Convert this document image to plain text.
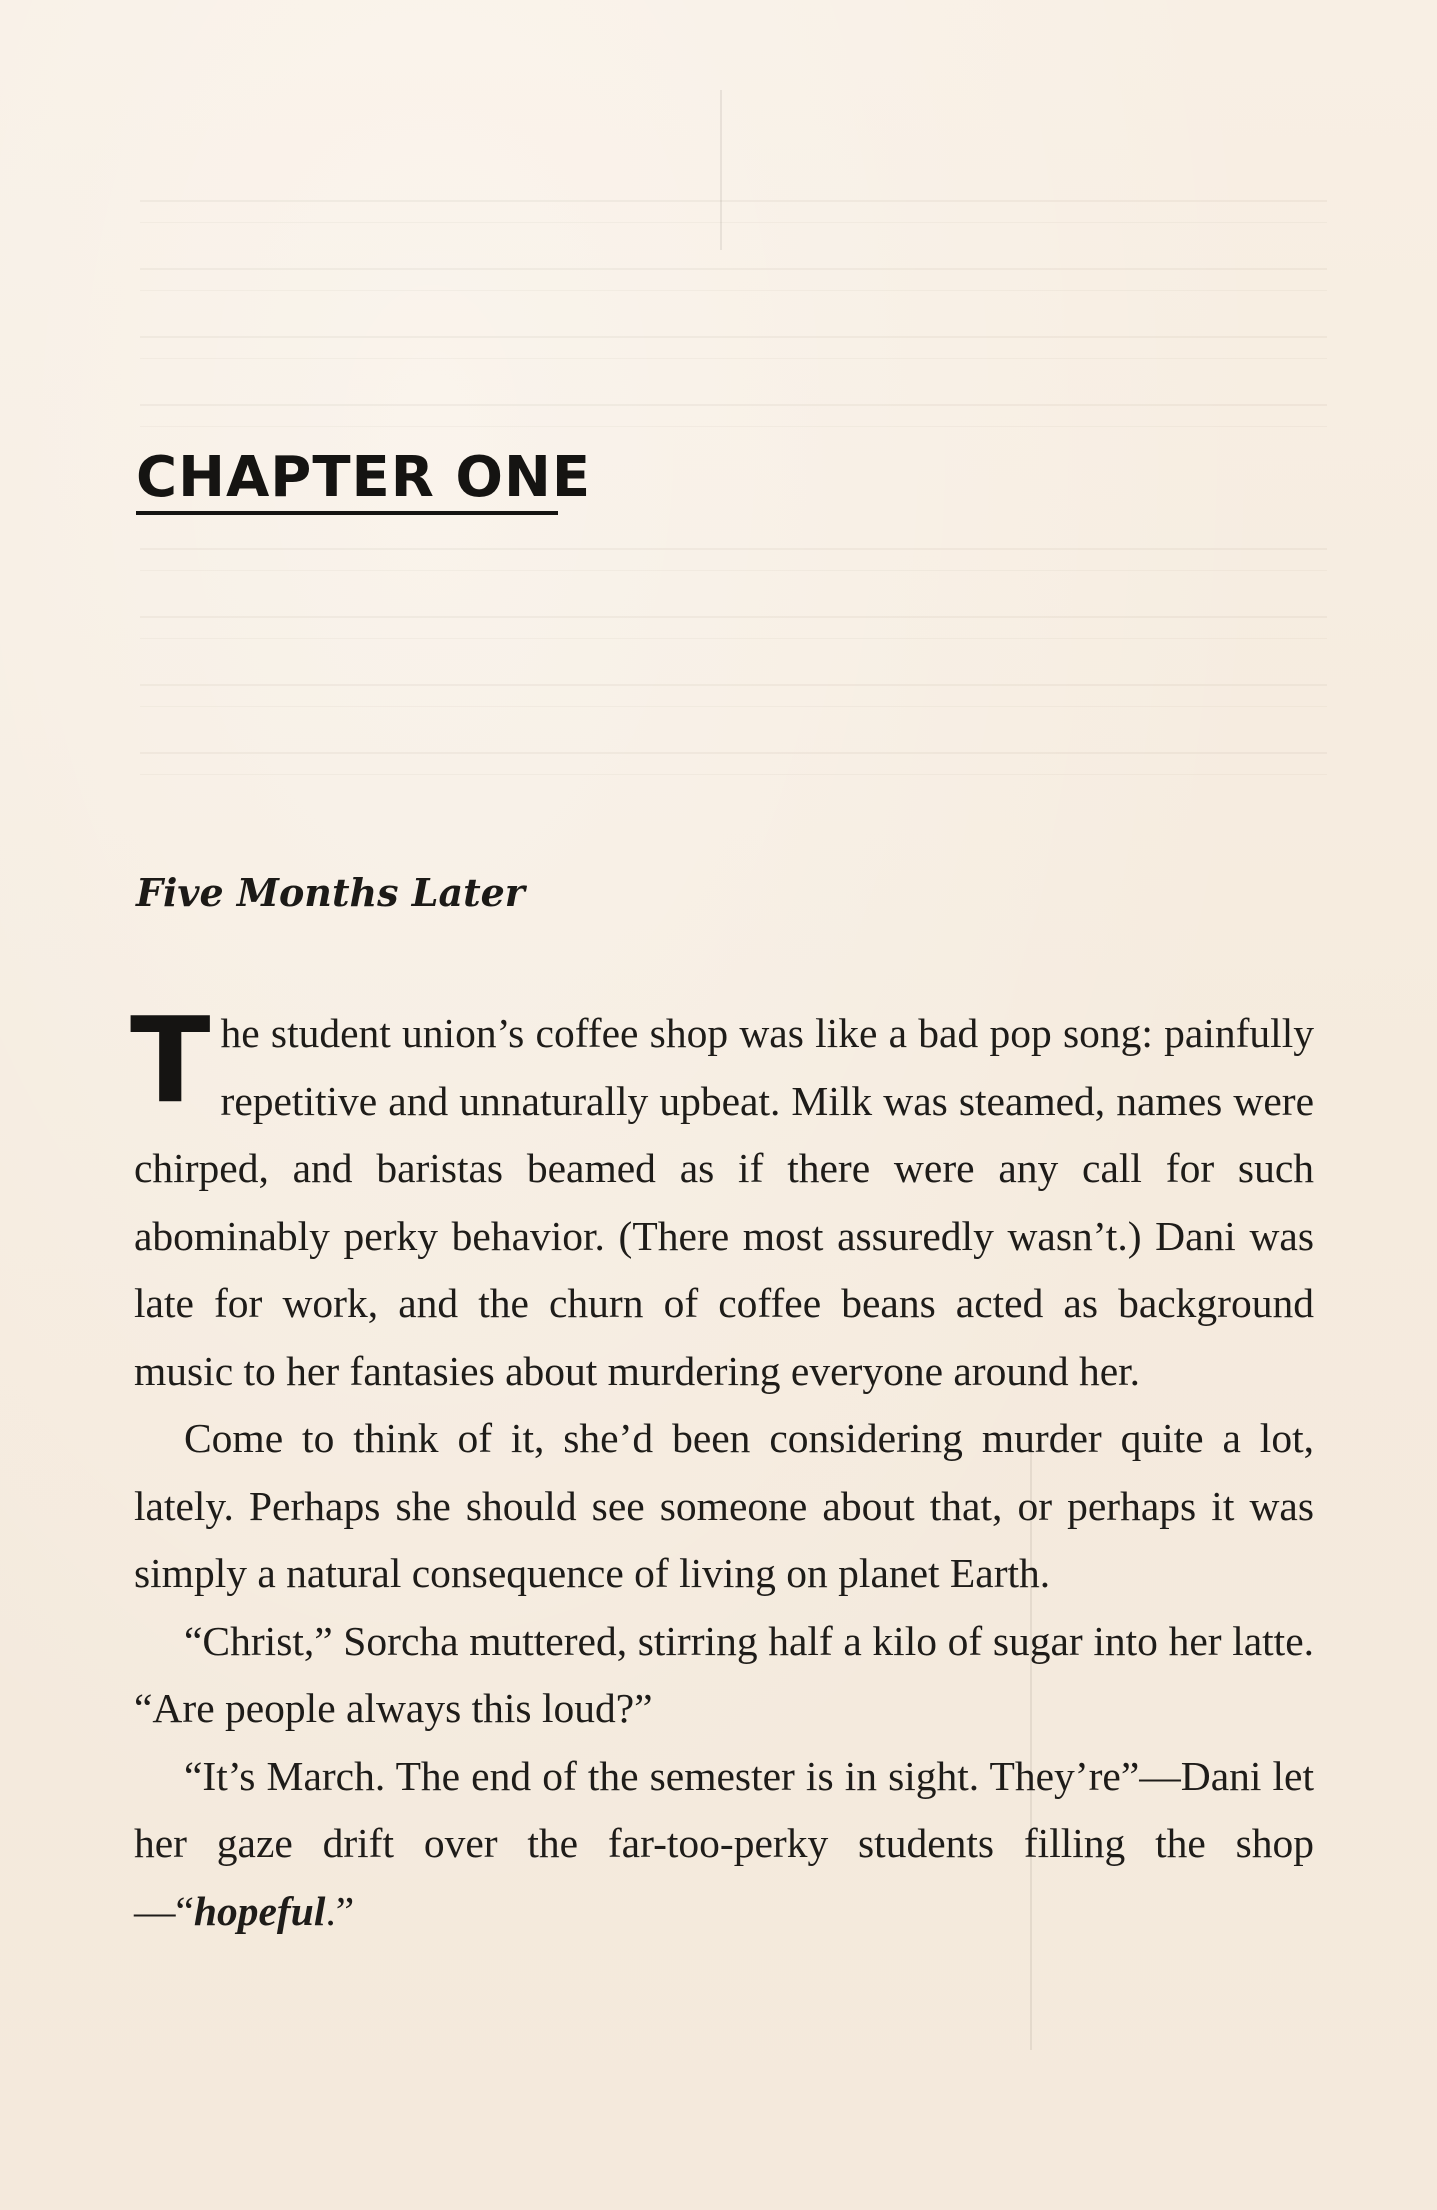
CHAPTER ONE
Five Months Later

The student union’s coffee shop was like a bad pop song: painfully repetitive and unnaturally upbeat. Milk was steamed, names were chirped, and baristas beamed as if there were any call for such abominably perky behavior. (There most assuredly wasn’t.) Dani was late for work, and the churn of coffee beans acted as background music to her fantasies about murdering everyone around her.

Come to think of it, she’d been considering murder quite a lot, lately. Perhaps she should see someone about that, or perhaps it was simply a natural consequence of living on planet Earth.

“Christ,” Sorcha muttered, stirring half a kilo of sugar into her latte. “Are people always this loud?”

“It’s March. The end of the semester is in sight. They’re”—Dani let her gaze drift over the far-too-perky students filling the shop—“hopeful.”
